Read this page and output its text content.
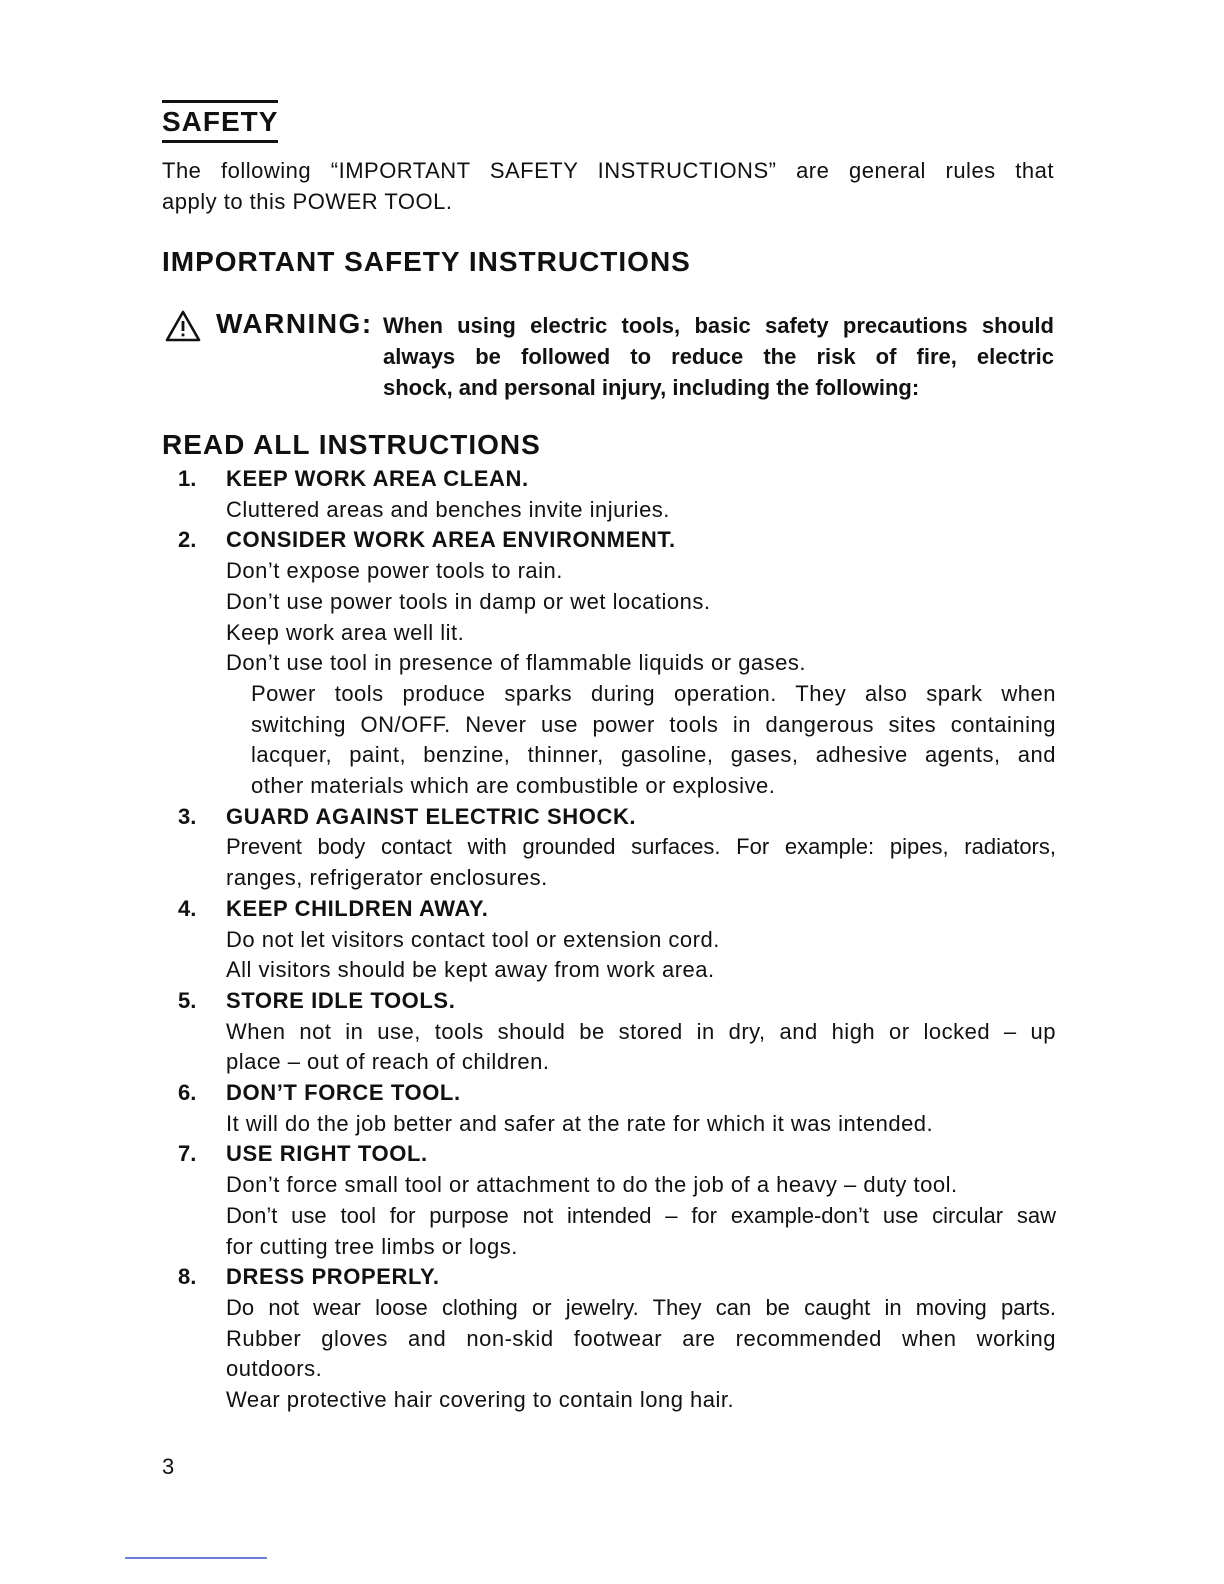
SAFETY

The following “IMPORTANT SAFETY INSTRUCTIONS” are general rules that
apply to this POWER TOOL.

IMPORTANT SAFETY INSTRUCTIONS
WARNING: When using electric tools, basic safety precautions should
always be followed to reduce the risk of fire, electric
shock, and personal injury, including the following:

READ ALL INSTRUCTIONS
1. KEEP WORK AREA CLEAN.
Cluttered areas and benches invite injuries.
2. CONSIDER WORK AREA ENVIRONMENT.
Don’t expose power tools to rain.
Don’t use power tools in damp or wet locations.
Keep work area well lit.
Don’t use tool in presence of flammable liquids or gases.
Power tools produce sparks during operation. They also spark when
switching ON/OFF. Never use power tools in dangerous sites containing
lacquer, paint, benzine, thinner, gasoline, gases, adhesive agents, and
other materials which are combustible or explosive.
3. GUARD AGAINST ELECTRIC SHOCK.
Prevent body contact with grounded surfaces. For example: pipes, radiators,
ranges, refrigerator enclosures.
4. KEEP CHILDREN AWAY.
Do not let visitors contact tool or extension cord.
All visitors should be kept away from work area.
5. STORE IDLE TOOLS.
When not in use, tools should be stored in dry, and high or locked – up
place – out of reach of children.
6. DON’T FORCE TOOL.
It will do the job better and safer at the rate for which it was intended.
7. USE RIGHT TOOL.
Don’t force small tool or attachment to do the job of a heavy – duty tool.
Don’t use tool for purpose not intended – for example-don’t use circular saw
for cutting tree limbs or logs.
8. DRESS PROPERLY.
Do not wear loose clothing or jewelry. They can be caught in moving parts.
Rubber gloves and non-skid footwear are recommended when working
outdoors.
Wear protective hair covering to contain long hair.
3
